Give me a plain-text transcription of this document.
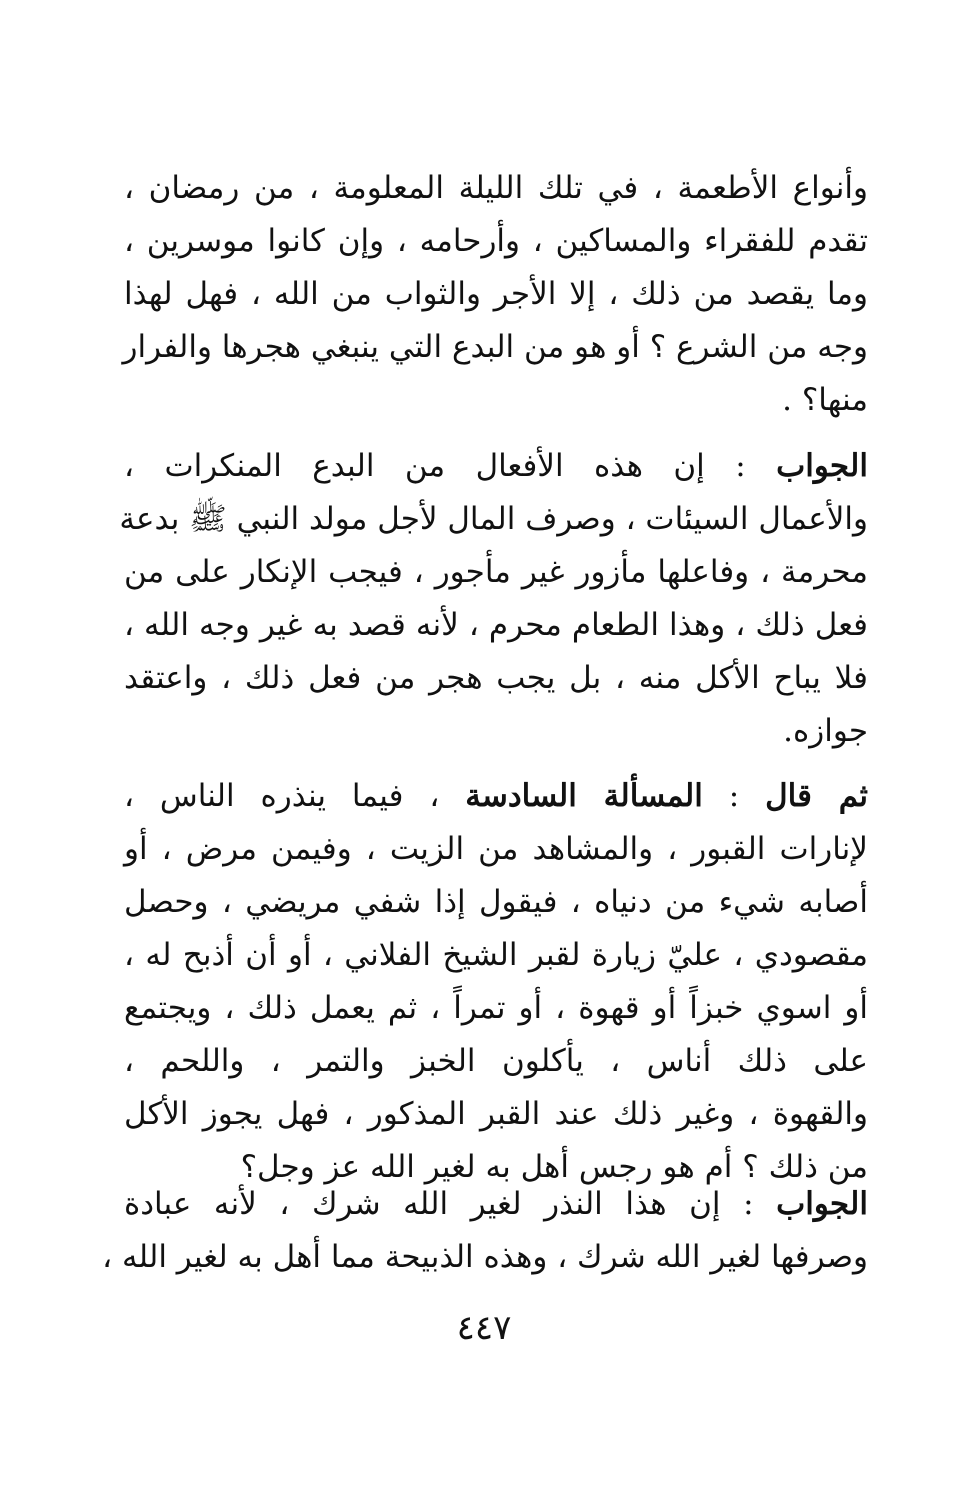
وأنواع الأطعمة ، في تلك الليلة المعلومة ، من رمضان ،
تقدم للفقراء والمساكين ، وأرحامه ، وإن كانوا موسرين ،
وما يقصد من ذلك ، إلا الأجر والثواب من الله ، فهل لهذا
وجه من الشرع ؟ أو هو من البدع التي ينبغي هجرها والفرار
منها؟ .
الجواب : إن هذه الأفعال من البدع المنكرات ،
والأعمال السيئات ، وصرف المال لأجل مولد النبي ﷺ بدعة
محرمة ، وفاعلها مأزور غير مأجور ، فيجب الإنكار على من
فعل ذلك ، وهذا الطعام محرم ، لأنه قصد به غير وجه الله ،
فلا يباح الأكل منه ، بل يجب هجر من فعل ذلك ، واعتقد
جوازه.
ثم قال : المسألة السادسة ، فيما ينذره الناس ،
لإنارات القبور ، والمشاهد من الزيت ، وفيمن مرض ، أو
أصابه شيء من دنياه ، فيقول إذا شفي مريضي ، وحصل
مقصودي ، عليّ زيارة لقبر الشيخ الفلاني ، أو أن أذبح له ،
أو اسوي خبزاً أو قهوة ، أو تمراً ، ثم يعمل ذلك ، ويجتمع
على ذلك أناس ، يأكلون الخبز والتمر ، واللحم ،
والقهوة ، وغير ذلك عند القبر المذكور ، فهل يجوز الأكل
من ذلك ؟ أم هو رجس أهل به لغير الله عز وجل؟
الجواب : إن هذا النذر لغير الله شرك ، لأنه عبادة
وصرفها لغير الله شرك ، وهذه الذبيحة مما أهل به لغير الله ،
٤٤٧
